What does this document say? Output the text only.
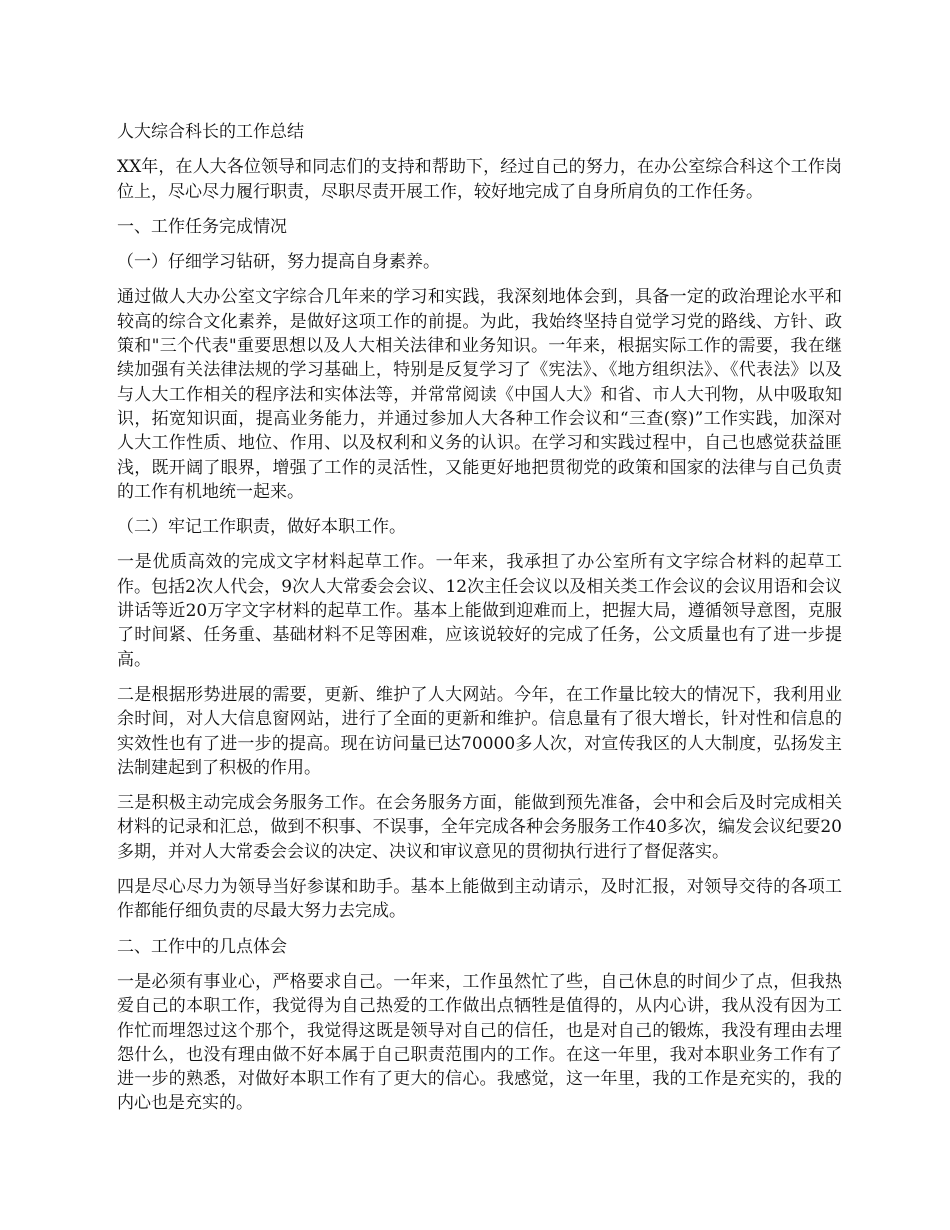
人大综合科长的工作总结

XX年，在人大各位领导和同志们的支持和帮助下，经过自己的努力，在办公室综合科这个工作岗位上，尽心尽力履行职责，尽职尽责开展工作，较好地完成了自身所肩负的工作任务。

一、工作任务完成情况

（一）仔细学习钻研，努力提高自身素养。

通过做人大办公室文字综合几年来的学习和实践，我深刻地体会到，具备一定的政治理论水平和较高的综合文化素养，是做好这项工作的前提。为此，我始终坚持自觉学习党的路线、方针、政策和"三个代表"重要思想以及人大相关法律和业务知识。一年来，根据实际工作的需要，我在继续加强有关法律法规的学习基础上，特别是反复学习了《宪法》、《地方组织法》、《代表法》以及与人大工作相关的程序法和实体法等，并常常阅读《中国人大》和省、市人大刊物，从中吸取知识，拓宽知识面，提高业务能力，并通过参加人大各种工作会议和“三查(察)”工作实践，加深对人大工作性质、地位、作用、以及权利和义务的认识。在学习和实践过程中，自己也感觉获益匪浅，既开阔了眼界，增强了工作的灵活性，又能更好地把贯彻党的政策和国家的法律与自己负责的工作有机地统一起来。

（二）牢记工作职责，做好本职工作。

一是优质高效的完成文字材料起草工作。一年来，我承担了办公室所有文字综合材料的起草工作。包括2次人代会，9次人大常委会会议、12次主任会议以及相关类工作会议的会议用语和会议讲话等近20万字文字材料的起草工作。基本上能做到迎难而上，把握大局，遵循领导意图，克服了时间紧、任务重、基础材料不足等困难，应该说较好的完成了任务，公文质量也有了进一步提高。

二是根据形势进展的需要，更新、维护了人大网站。今年，在工作量比较大的情况下，我利用业余时间，对人大信息窗网站，进行了全面的更新和维护。信息量有了很大增长，针对性和信息的实效性也有了进一步的提高。现在访问量已达70000多人次，对宣传我区的人大制度，弘扬发主法制建起到了积极的作用。

三是积极主动完成会务服务工作。在会务服务方面，能做到预先准备，会中和会后及时完成相关材料的记录和汇总，做到不积事、不误事，全年完成各种会务服务工作40多次，编发会议纪要20多期，并对人大常委会会议的决定、决议和审议意见的贯彻执行进行了督促落实。

四是尽心尽力为领导当好参谋和助手。基本上能做到主动请示，及时汇报，对领导交待的各项工作都能仔细负责的尽最大努力去完成。

二、工作中的几点体会

一是必须有事业心，严格要求自己。一年来，工作虽然忙了些，自己休息的时间少了点，但我热爱自己的本职工作，我觉得为自己热爱的工作做出点牺牲是值得的，从内心讲，我从没有因为工作忙而埋怨过这个那个，我觉得这既是领导对自己的信任，也是对自己的锻炼，我没有理由去埋怨什么，也没有理由做不好本属于自己职责范围内的工作。在这一年里，我对本职业务工作有了进一步的熟悉，对做好本职工作有了更大的信心。我感觉，这一年里，我的工作是充实的，我的内心也是充实的。
